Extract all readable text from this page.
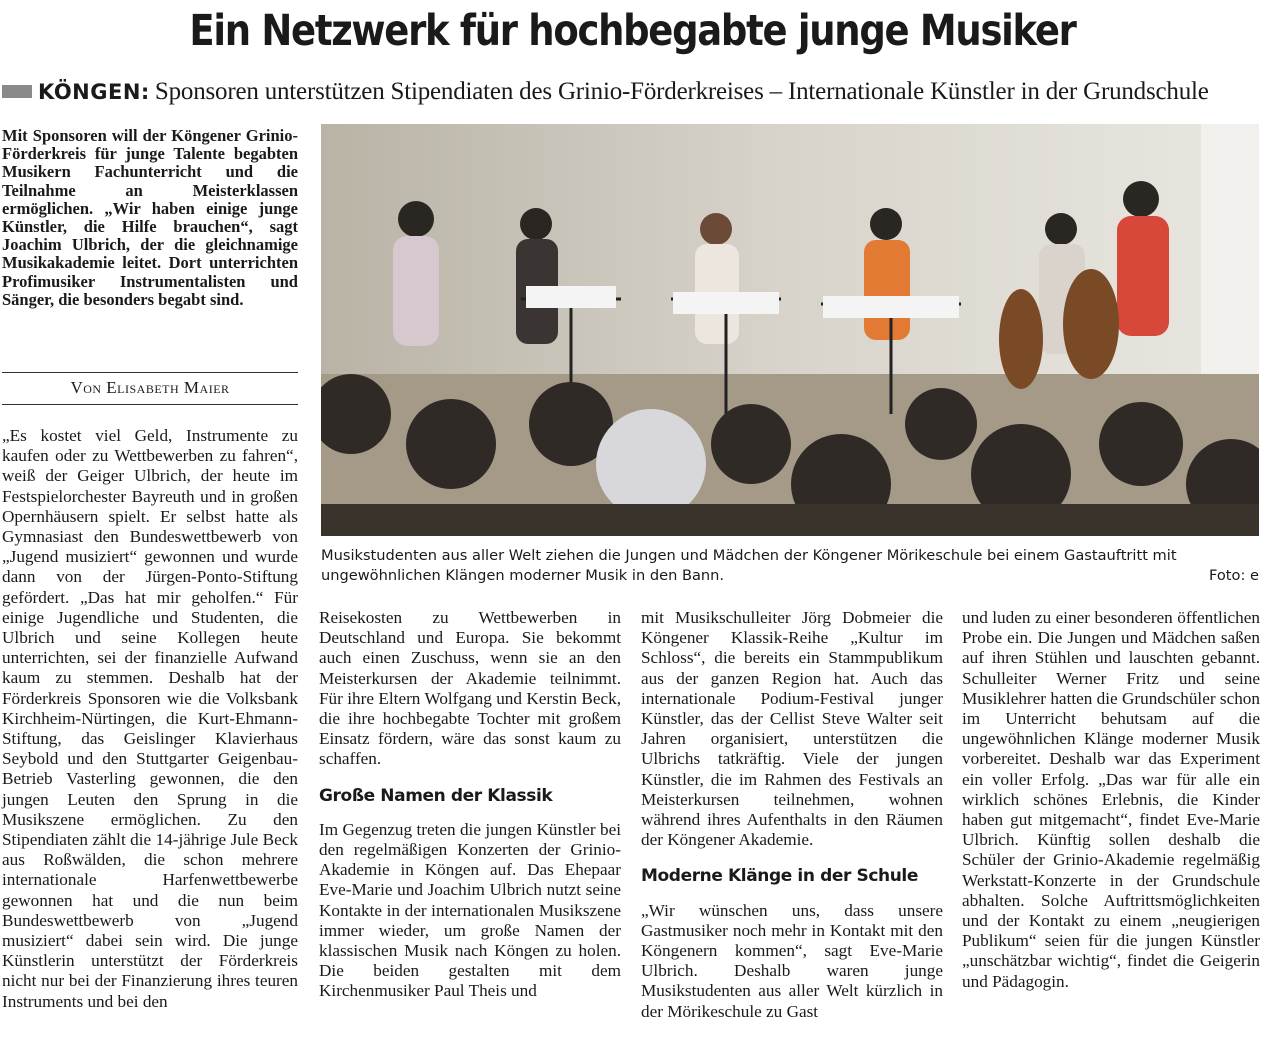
Ein Netzwerk für hochbegabte junge Musiker
KÖNGEN: Sponsoren unterstützen Stipendiaten des Grinio-Förderkreises – Internationale Künstler in der Grundschule

Mit Sponsoren will der Köngener Grinio-Förderkreis für junge Talente begabten Musikern Fachunterricht und die Teilnahme an Meisterklassen ermöglichen. „Wir haben einige junge Künstler, die Hilfe brauchen“, sagt Joachim Ulbrich, der die gleichnamige Musikakademie leitet. Dort unterrichten Profimusiker Instrumentalisten und Sänger, die besonders begabt sind.

Von Elisabeth Maier

„Es kostet viel Geld, Instrumente zu kaufen oder zu Wettbewerben zu fahren“, weiß der Geiger Ulbrich, der heute im Festspielorchester Bayreuth und in großen Opernhäusern spielt. Er selbst hatte als Gymnasiast den Bundeswettbewerb von „Jugend musiziert“ gewonnen und wurde dann von der Jürgen-Ponto-Stiftung gefördert. „Das hat mir geholfen.“ Für einige Jugendliche und Studenten, die Ulbrich und seine Kollegen heute unterrichten, sei der finanzielle Aufwand kaum zu stemmen. Deshalb hat der Förderkreis Sponsoren wie die Volksbank Kirchheim-Nürtingen, die Kurt-Ehmann-Stiftung, das Geislinger Klavierhaus Seybold und den Stuttgarter Geigenbau-Betrieb Vasterling gewonnen, die den jungen Leuten den Sprung in die Musikszene ermöglichen. Zu den Stipendiaten zählt die 14-jährige Jule Beck aus Roßwälden, die schon mehrere internationale Harfenwettbewerbe gewonnen hat und die nun beim Bundeswettbewerb von „Jugend musiziert“ dabei sein wird. Die junge Künstlerin unterstützt der Förderkreis nicht nur bei der Finanzierung ihres teuren Instruments und bei den

Musikstudenten aus aller Welt ziehen die Jungen und Mädchen der Köngener Mörikeschule bei einem Gastauftritt mit ungewöhnlichen Klängen moderner Musik in den Bann.	Foto: e

Reisekosten zu Wettbewerben in Deutschland und Europa. Sie bekommt auch einen Zuschuss, wenn sie an den Meisterkursen der Akademie teilnimmt. Für ihre Eltern Wolfgang und Kerstin Beck, die ihre hochbegabte Tochter mit großem Einsatz fördern, wäre das sonst kaum zu schaffen.

Große Namen der Klassik

Im Gegenzug treten die jungen Künstler bei den regelmäßigen Konzerten der Grinio-Akademie in Köngen auf. Das Ehepaar Eve-Marie und Joachim Ulbrich nutzt seine Kontakte in der internationalen Musikszene immer wieder, um große Namen der klassischen Musik nach Köngen zu holen. Die beiden gestalten mit dem Kirchenmusiker Paul Theis und

mit Musikschulleiter Jörg Dobmeier die Köngener Klassik-Reihe „Kultur im Schloss“, die bereits ein Stammpublikum aus der ganzen Region hat. Auch das internationale Podium-Festival junger Künstler, das der Cellist Steve Walter seit Jahren organisiert, unterstützen die Ulbrichs tatkräftig. Viele der jungen Künstler, die im Rahmen des Festivals an Meisterkursen teilnehmen, wohnen während ihres Aufenthalts in den Räumen der Köngener Akademie.

Moderne Klänge in der Schule

„Wir wünschen uns, dass unsere Gastmusiker noch mehr in Kontakt mit den Köngenern kommen“, sagt Eve-Marie Ulbrich. Deshalb waren junge Musikstudenten aus aller Welt kürzlich in der Mörikeschule zu Gast

und luden zu einer besonderen öffentlichen Probe ein. Die Jungen und Mädchen saßen auf ihren Stühlen und lauschten gebannt. Schulleiter Werner Fritz und seine Musiklehrer hatten die Grundschüler schon im Unterricht behutsam auf die ungewöhnlichen Klänge moderner Musik vorbereitet. Deshalb war das Experiment ein voller Erfolg. „Das war für alle ein wirklich schönes Erlebnis, die Kinder haben gut mitgemacht“, findet Eve-Marie Ulbrich. Künftig sollen deshalb die Schüler der Grinio-Akademie regelmäßig Werkstatt-Konzerte in der Grundschule abhalten. Solche Auftrittsmöglichkeiten und der Kontakt zu einem „neugierigen Publikum“ seien für die jungen Künstler „unschätzbar wichtig“, findet die Geigerin und Pädagogin.
